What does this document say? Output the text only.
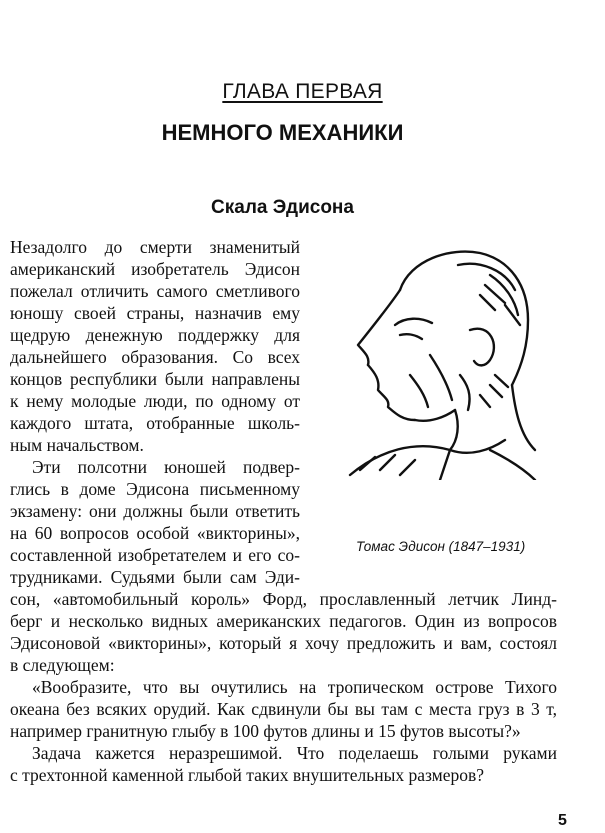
ГЛАВА ПЕРВАЯ
НЕМНОГО МЕХАНИКИ
Скала Эдисона
Томас Эдисон (1847–1931)
Незадолго до смерти знаменитый
американский изобретатель Эдисон
пожелал отличить самого сметливого
юношу своей страны, назначив ему
щедрую денежную поддержку для
дальнейшего образования. Со всех
концов республики были направлены
к нему молодые люди, по одному от
каждого штата, отобранные школь-
ным начальством.
Эти полсотни юношей подвер-
глись в доме Эдисона письменному
экзамену: они должны были ответить
на 60 вопросов особой «викторины»,
составленной изобретателем и его со-
трудниками. Судьями были сам Эди-
сон, «автомобильный король» Форд, прославленный летчик Линд-
берг и несколько видных американских педагогов. Один из вопросов
Эдисоновой «викторины», который я хочу предложить и вам, состоял
в следующем:
«Вообразите, что вы очутились на тропическом острове Тихого
океана без всяких орудий. Как сдвинули бы вы там с места груз в 3 т,
например гранитную глыбу в 100 футов длины и 15 футов высоты?»
Задача кажется неразрешимой. Что поделаешь голыми руками
с трехтонной каменной глыбой таких внушительных размеров?
5
